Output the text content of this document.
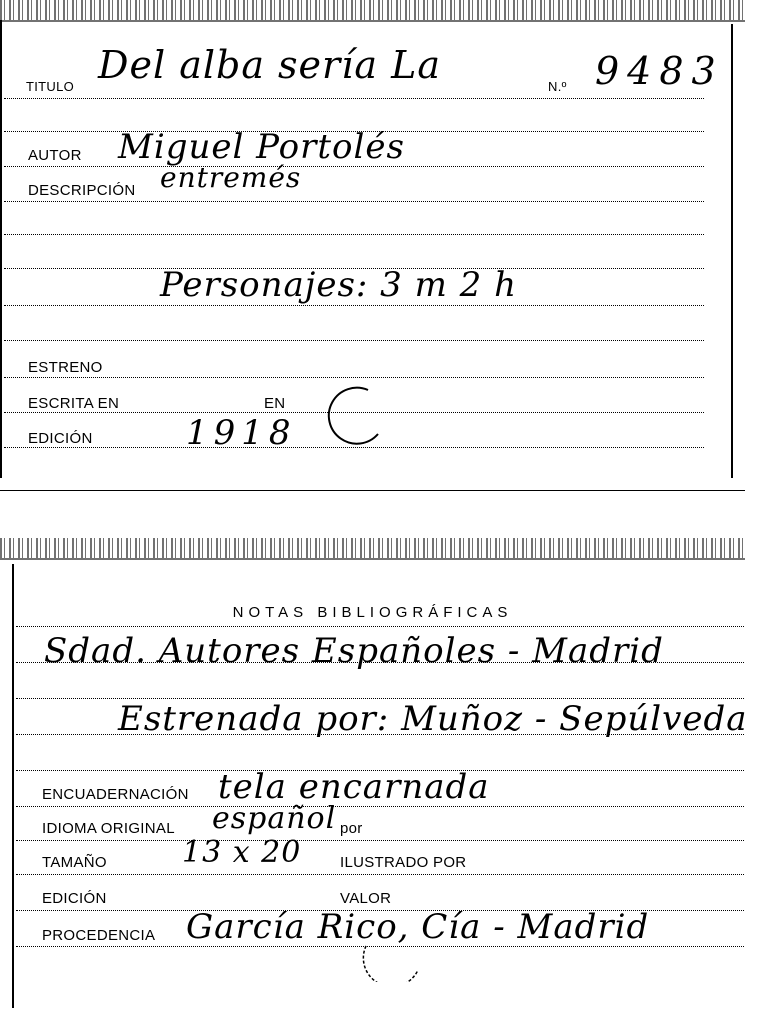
TITULO Del alba sería La	N.º 9483
AUTOR Miguel Portolés
DESCRIPCIÓN entremés
Personajes: 3 m 2 h
ESTRENO
ESCRITA EN	EN
EDICIÓN	1918
NOTAS BIBLIOGRÁFICAS
Sdad. Autores Españoles - Madrid
Estrenada por: Muñoz - Sepúlveda
ENCUADERNACIÓN tela encarnada
IDIOMA ORIGINAL español por
TAMAÑO	13 x 20	ILUSTRADO POR
EDICIÓN	VALOR
PROCEDENCIA García Rico, Cía - Madrid
